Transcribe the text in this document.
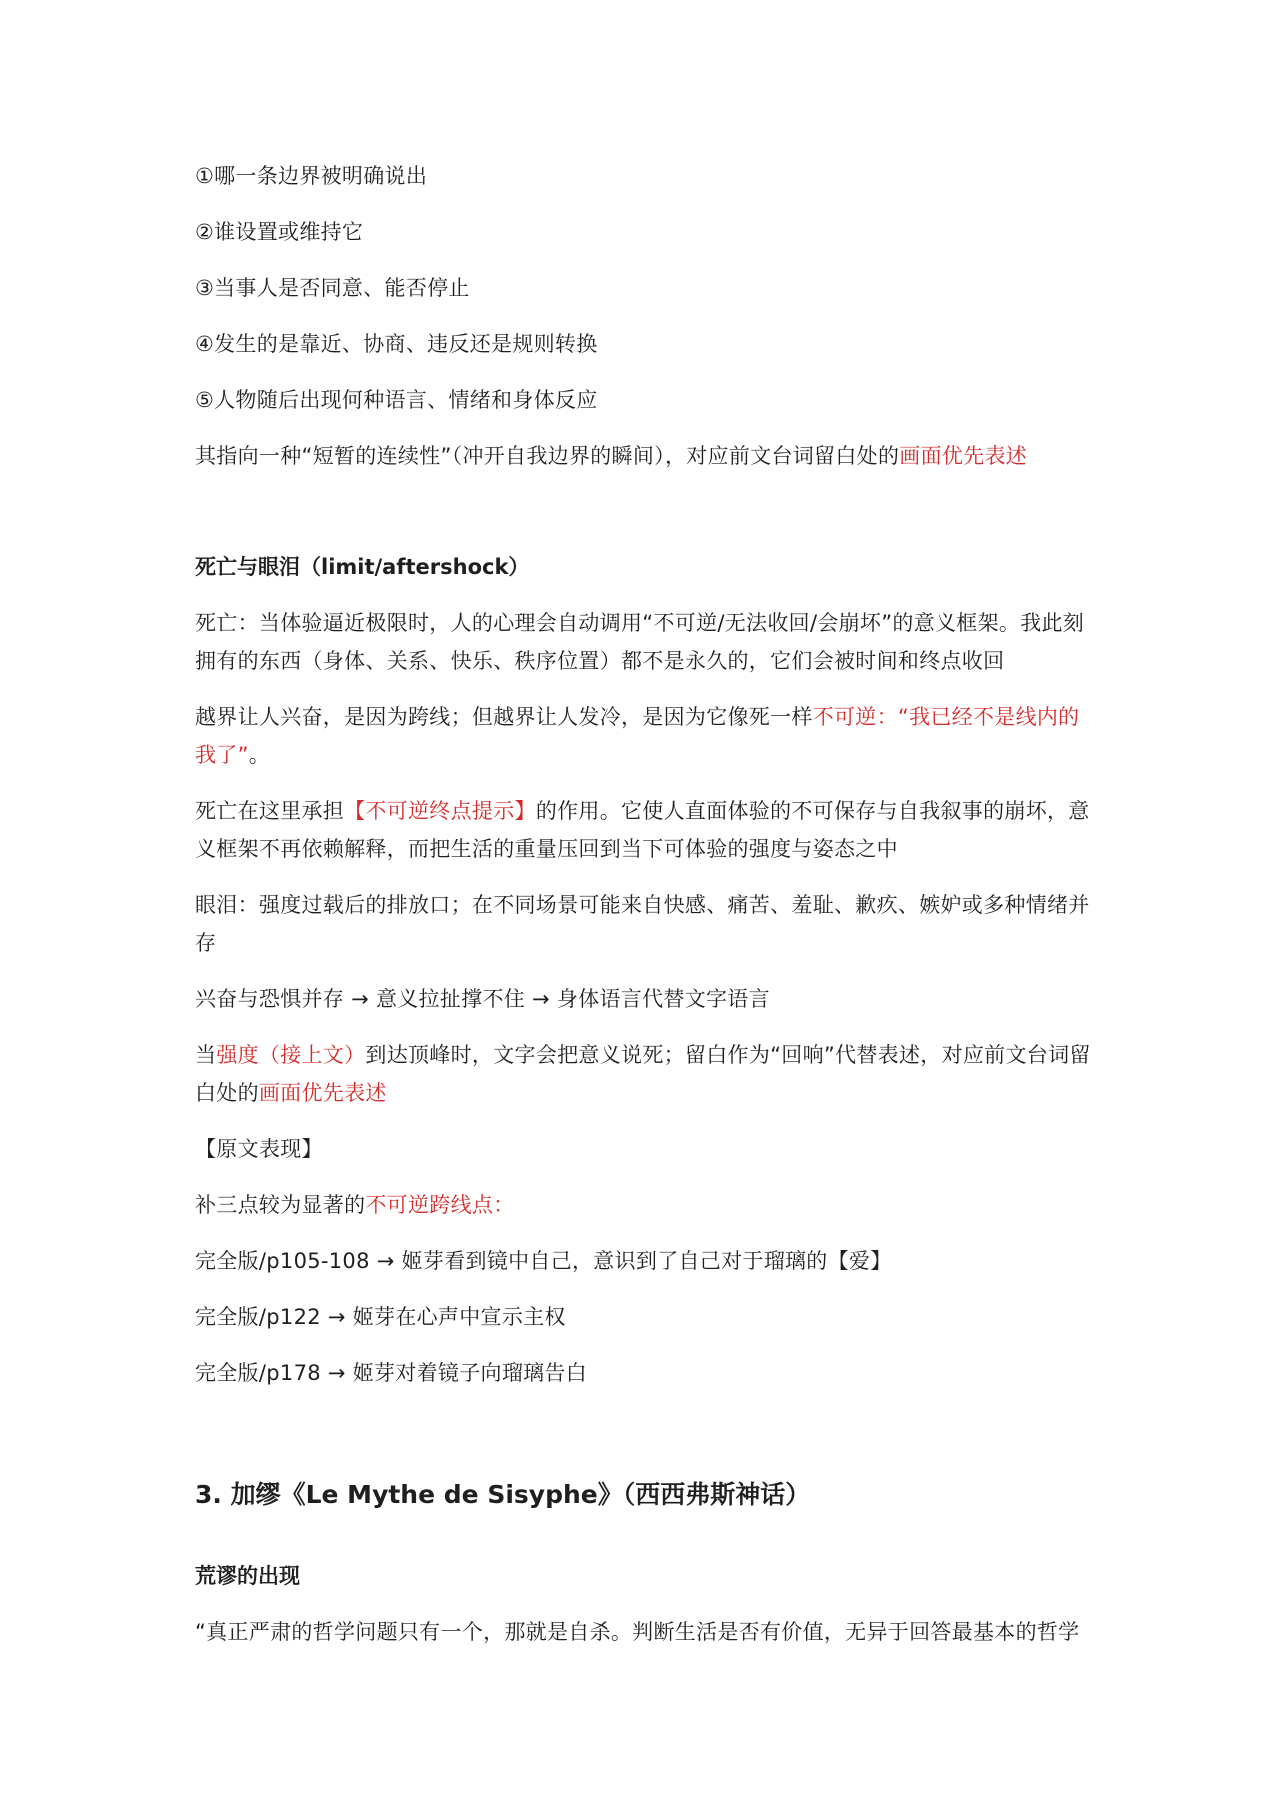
①哪一条边界被明确说出

②谁设置或维持它

③当事人是否同意、能否停止

④发生的是靠近、协商、违反还是规则转换

⑤人物随后出现何种语言、情绪和身体反应

其指向一种“短暂的连续性”（冲开自我边界的瞬间），对应前文台词留白处的画面优先表述

死亡与眼泪（limit/aftershock）

死亡：当体验逼近极限时，人的心理会自动调用“不可逆/无法收回/会崩坏”的意义框架。我此刻拥有的东西（身体、关系、快乐、秩序位置）都不是永久的，它们会被时间和终点收回

越界让人兴奋，是因为跨线；但越界让人发冷，是因为它像死一样不可逆：“我已经不是线内的我了”。

死亡在这里承担【不可逆终点提示】的作用。它使人直面体验的不可保存与自我叙事的崩坏，意义框架不再依赖解释，而把生活的重量压回到当下可体验的强度与姿态之中

眼泪：强度过载后的排放口；在不同场景可能来自快感、痛苦、羞耻、歉疚、嫉妒或多种情绪并存

兴奋与恐惧并存 → 意义拉扯撑不住 → 身体语言代替文字语言

当强度（接上文）到达顶峰时，文字会把意义说死；留白作为“回响”代替表述，对应前文台词留白处的画面优先表述

【原文表现】

补三点较为显著的不可逆跨线点：

完全版/p105-108 → 姬芽看到镜中自己，意识到了自己对于瑠璃的【爱】

完全版/p122 → 姬芽在心声中宣示主权

完全版/p178 → 姬芽对着镜子向瑠璃告白

3. 加缪《Le Mythe de Sisyphe》（西西弗斯神话）
荒谬的出现

“真正严肃的哲学问题只有一个，那就是自杀。判断生活是否有价值，无异于回答最基本的哲学
